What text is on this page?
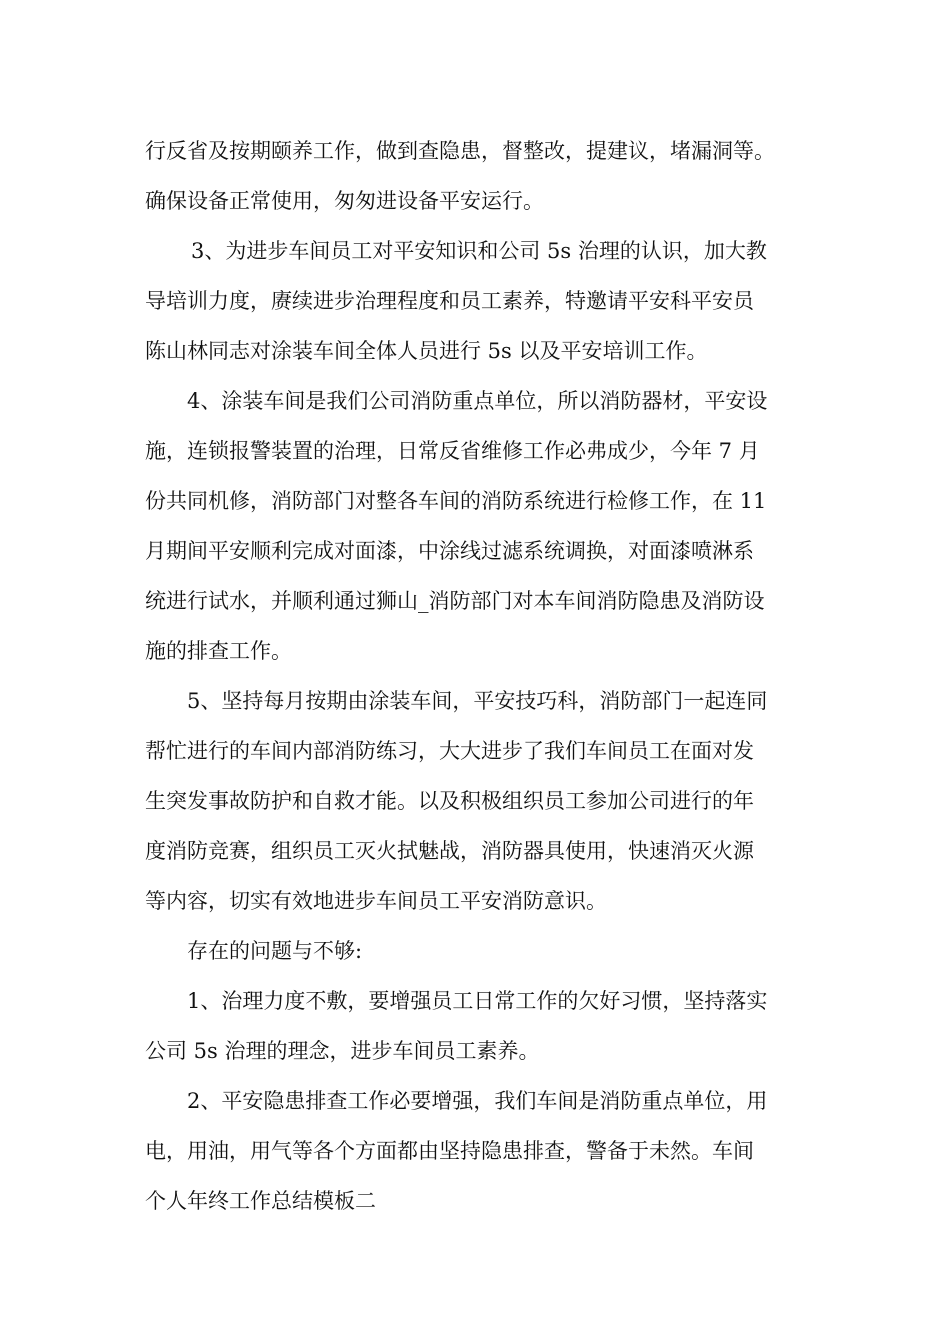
行反省及按期颐养工作，做到查隐患，督整改，提建议，堵漏洞等。
确保设备正常使用，匆匆进设备平安运行。
3、为进步车间员工对平安知识和公司 5s 治理的认识，加大教
导培训力度，赓续进步治理程度和员工素养，特邀请平安科平安员
陈山林同志对涂装车间全体人员进行 5s 以及平安培训工作。
4、涂装车间是我们公司消防重点单位，所以消防器材，平安设
施，连锁报警装置的治理，日常反省维修工作必弗成少，今年 7 月
份共同机修，消防部门对整各车间的消防系统进行检修工作，在 11
月期间平安顺利完成对面漆，中涂线过滤系统调换，对面漆喷淋系
统进行试水，并顺利通过狮山_消防部门对本车间消防隐患及消防设
施的排查工作。
5、坚持每月按期由涂装车间，平安技巧科，消防部门一起连同
帮忙进行的车间内部消防练习，大大进步了我们车间员工在面对发
生突发事故防护和自救才能。以及积极组织员工参加公司进行的年
度消防竞赛，组织员工灭火拭魅战，消防器具使用，快速消灭火源
等内容，切实有效地进步车间员工平安消防意识。
存在的问题与不够:
1、治理力度不敷，要增强员工日常工作的欠好习惯，坚持落实
公司 5s 治理的理念，进步车间员工素养。
2、平安隐患排查工作必要增强，我们车间是消防重点单位，用
电，用油，用气等各个方面都由坚持隐患排查，警备于未然。车间
个人年终工作总结模板二
